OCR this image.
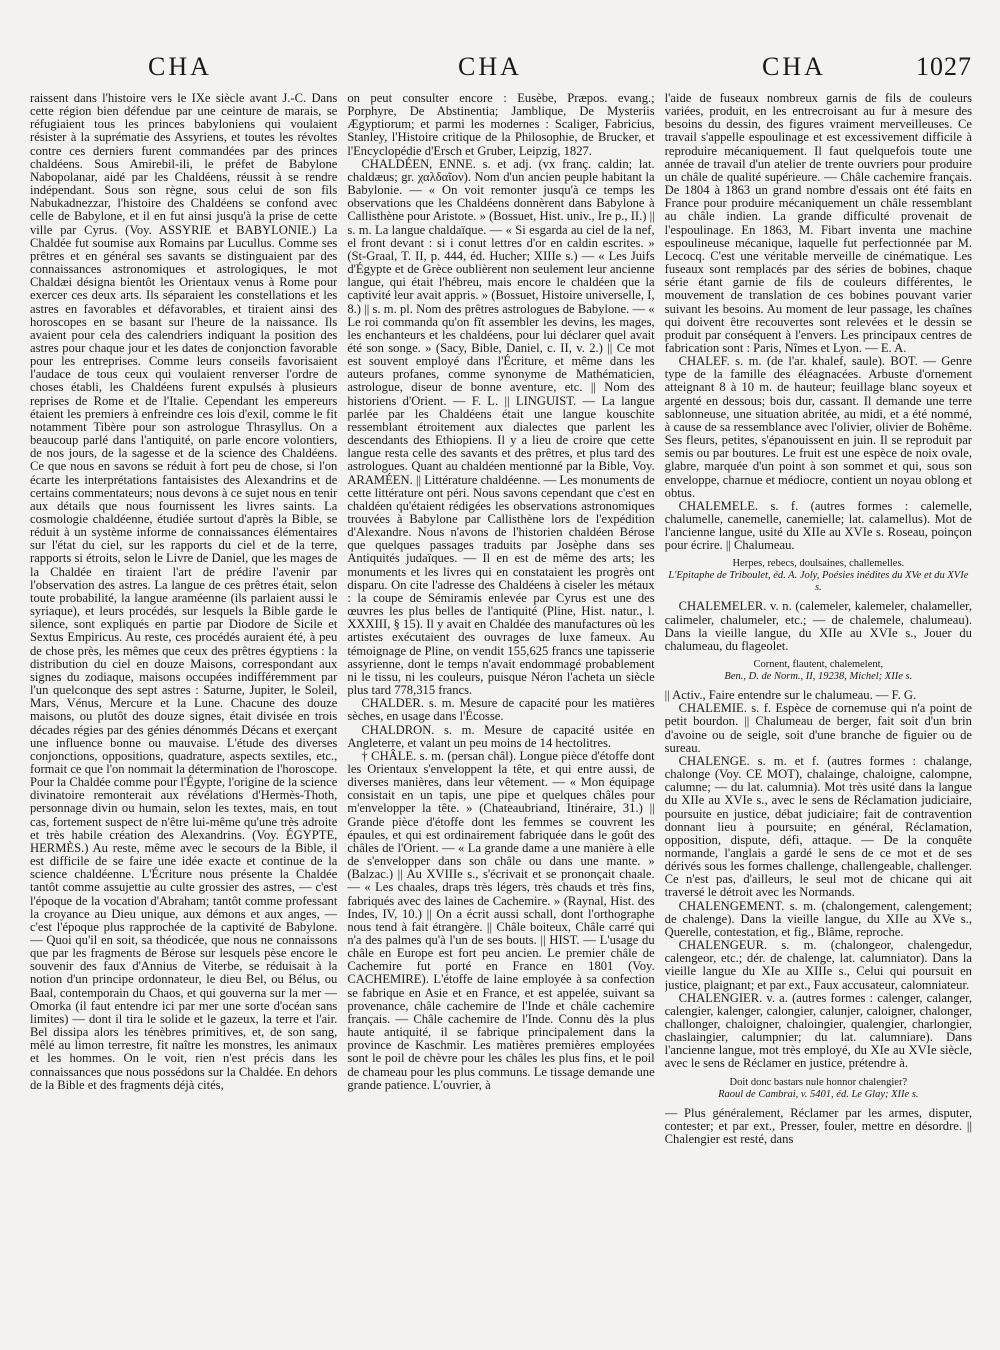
CHA	CHA	CHA	1027

raissent dans l'histoire vers le IXe siècle avant J.-C. Dans cette région bien défendue par une ceinture de marais, se réfugiaient tous les princes babyloniens qui voulaient résister à la suprématie des Assyriens, et toutes les révoltes contre ces derniers furent commandées par des princes chaldéens. Sous Amirebil-ili, le préfet de Babylone Nabopolanar, aidé par les Chaldéens, réussit à se rendre indépendant. Sous son règne, sous celui de son fils Nabukadnezzar, l'histoire des Chaldéens se confond avec celle de Babylone, et il en fut ainsi jusqu'à la prise de cette ville par Cyrus. (Voy. ASSYRIE et BABYLONIE.) La Chaldée fut soumise aux Romains par Lucullus. Comme ses prêtres et en général ses savants se distinguaient par des connaissances astronomiques et astrologiques, le mot Chaldæi désigna bientôt les Orientaux venus à Rome pour exercer ces deux arts. Ils séparaient les constellations et les astres en favorables et défavorables, et tiraient ainsi des horoscopes en se basant sur l'heure de la naissance. Ils avaient pour cela des calendriers indiquant la position des astres pour chaque jour et les dates de conjonction favorable pour les entreprises. Comme leurs conseils favorisaient l'audace de tous ceux qui voulaient renverser l'ordre de choses établi, les Chaldéens furent expulsés à plusieurs reprises de Rome et de l'Italie. Cependant les empereurs étaient les premiers à enfreindre ces lois d'exil, comme le fit notamment Tibère pour son astrologue Thrasyllus. On a beaucoup parlé dans l'antiquité, on parle encore volontiers, de nos jours, de la sagesse et de la science des Chaldéens. Ce que nous en savons se réduit à fort peu de chose, si l'on écarte les interprétations fantaisistes des Alexandrins et de certains commentateurs; nous devons à ce sujet nous en tenir aux détails que nous fournissent les livres saints. La cosmologie chaldéenne, étudiée surtout d'après la Bible, se réduit à un système informe de connaissances élémentaires sur l'état du ciel, sur les rapports du ciel et de la terre, rapports si étroits, selon le Livre de Daniel, que les mages de la Chaldée en tiraient l'art de prédire l'avenir par l'observation des astres. La langue de ces prêtres était, selon toute probabilité, la langue araméenne (ils parlaient aussi le syriaque), et leurs procédés, sur lesquels la Bible garde le silence, sont expliqués en partie par Diodore de Sicile et Sextus Empiricus. Au reste, ces procédés auraient été, à peu de chose près, les mêmes que ceux des prêtres égyptiens : la distribution du ciel en douze Maisons, correspondant aux signes du zodiaque, maisons occupées indifféremment par l'un quelconque des sept astres : Saturne, Jupiter, le Soleil, Mars, Vénus, Mercure et la Lune. Chacune des douze maisons, ou plutôt des douze signes, était divisée en trois décades régies par des génies dénommés Décans et exerçant une influence bonne ou mauvaise. L'étude des diverses conjonctions, oppositions, quadrature, aspects sextiles, etc., formait ce que l'on nommait la détermination de l'horoscope. Pour la Chaldée comme pour l'Égypte, l'origine de la science divinatoire remonterait aux révélations d'Hermès-Thoth, personnage divin ou humain, selon les textes, mais, en tout cas, fortement suspect de n'être lui-même qu'une très adroite et très habile création des Alexandrins. (Voy. ÉGYPTE, HERMÈS.) Au reste, même avec le secours de la Bible, il est difficile de se faire une idée exacte et continue de la science chaldéenne. L'Écriture nous présente la Chaldée tantôt comme assujettie au culte grossier des astres, — c'est l'époque de la vocation d'Abraham; tantôt comme professant la croyance au Dieu unique, aux démons et aux anges, — c'est l'époque plus rapprochée de la captivité de Babylone. — Quoi qu'il en soit, sa théodicée, que nous ne connaissons que par les fragments de Bérose sur lesquels pèse encore le souvenir des faux d'Annius de Viterbe, se réduisait à la notion d'un principe ordonnateur, le dieu Bel, ou Bélus, ou Baal, contemporain du Chaos, et qui gouverna sur la mer — Omorka (il faut entendre ici par mer une sorte d'océan sans limites) — dont il tira le solide et le gazeux, la terre et l'air. Bel dissipa alors les ténèbres primitives, et, de son sang, mêlé au limon terrestre, fit naître les monstres, les animaux et les hommes. On le voit, rien n'est précis dans les connaissances que nous possédons sur la Chaldée. En dehors de la Bible et des fragments déjà cités,

on peut consulter encore : Eusèbe, Præpos. evang.; Porphyre, De Abstinentia; Jamblique, De Mysteriis Ægyptiorum; et parmi les modernes : Scaliger, Fabricius, Stanley, l'Histoire critique de la Philosophie, de Brucker, et l'Encyclopédie d'Ersch et Gruber, Leipzig, 1827.

CHALDÉEN, ENNE. s. et adj. (vx franç. caldin; lat. chaldæus; gr. χαλδαῖον). Nom d'un ancien peuple habitant la Babylonie. — « On voit remonter jusqu'à ce temps les observations que les Chaldéens donnèrent dans Babylone à Callisthène pour Aristote. » (Bossuet, Hist. univ., Ire p., II.) || s. m. La langue chaldaïque. — « Si esgarda au ciel de la nef, el front devant : si i conut lettres d'or en caldin escrites. » (St-Graal, T. II, p. 444, éd. Hucher; XIIIe s.) — « Les Juifs d'Égypte et de Grèce oublièrent non seulement leur ancienne langue, qui était l'hébreu, mais encore le chaldéen que la captivité leur avait appris. » (Bossuet, Histoire universelle, I, 8.) || s. m. pl. Nom des prêtres astrologues de Babylone. — « Le roi commanda qu'on fît assembler les devins, les mages, les enchanteurs et les chaldéens, pour lui déclarer quel avait été son songe. » (Sacy, Bible, Daniel, c. II, v. 2.) || Ce mot est souvent employé dans l'Écriture, et même dans les auteurs profanes, comme synonyme de Mathématicien, astrologue, diseur de bonne aventure, etc. || Nom des historiens d'Orient. — F. L. || LINGUIST. — La langue parlée par les Chaldéens était une langue kouschite ressemblant étroitement aux dialectes que parlent les descendants des Ethiopiens. Il y a lieu de croire que cette langue resta celle des savants et des prêtres, et plus tard des astrologues. Quant au chaldéen mentionné par la Bible, Voy. ARAMÉEN. || Littérature chaldéenne. — Les monuments de cette littérature ont péri. Nous savons cependant que c'est en chaldéen qu'étaient rédigées les observations astronomiques trouvées à Babylone par Callisthène lors de l'expédition d'Alexandre. Nous n'avons de l'historien chaldéen Bérose que quelques passages traduits par Josèphe dans ses Antiquités judaïques. — Il en est de même des arts; les monuments et les livres qui en constataient les progrès ont disparu. On cite l'adresse des Chaldéens à ciseler les métaux : la coupe de Sémiramis enlevée par Cyrus est une des œuvres les plus belles de l'antiquité (Pline, Hist. natur., l. XXXIII, § 15). Il y avait en Chaldée des manufactures où les artistes exécutaient des ouvrages de luxe fameux. Au témoignage de Pline, on vendit 155,625 francs une tapisserie assyrienne, dont le temps n'avait endommagé probablement ni le tissu, ni les couleurs, puisque Néron l'acheta un siècle plus tard 778,315 francs.

CHALDER. s. m. Mesure de capacité pour les matières sèches, en usage dans l'Écosse.

CHALDRON. s. m. Mesure de capacité usitée en Angleterre, et valant un peu moins de 14 hectolitres.

† CHÂLE. s. m. (persan châl). Longue pièce d'étoffe dont les Orientaux s'enveloppent la tête, et qui entre aussi, de diverses manières, dans leur vêtement. — « Mon équipage consistait en un tapis, une pipe et quelques châles pour m'envelopper la tête. » (Chateaubriand, Itinéraire, 31.) || Grande pièce d'étoffe dont les femmes se couvrent les épaules, et qui est ordinairement fabriquée dans le goût des châles de l'Orient. — « La grande dame a une manière à elle de s'envelopper dans son châle ou dans une mante. » (Balzac.) || Au XVIIIe s., s'écrivait et se prononçait chaale. — « Les chaales, draps très légers, très chauds et très fins, fabriqués avec des laines de Cachemire. » (Raynal, Hist. des Indes, IV, 10.) || On a écrit aussi schall, dont l'orthographe nous tend à fait étrangère. || Châle boiteux, Châle carré qui n'a des palmes qu'à l'un de ses bouts. || HIST. — L'usage du châle en Europe est fort peu ancien. Le premier châle de Cachemire fut porté en France en 1801 (Voy. CACHEMIRE). L'étoffe de laine employée à sa confection se fabrique en Asie et en France, et est appelée, suivant sa provenance, châle cachemire de l'Inde et châle cachemire français. — Châle cachemire de l'Inde. Connu dès la plus haute antiquité, il se fabrique principalement dans la province de Kaschmir. Les matières premières employées sont le poil de chèvre pour les châles les plus fins, et le poil de chameau pour les plus communs. Le tissage demande une grande patience. L'ouvrier, à

l'aide de fuseaux nombreux garnis de fils de couleurs variées, produit, en les entrecroisant au fur à mesure des besoins du dessin, des figures vraiment merveilleuses. Ce travail s'appelle espoulinage et est excessivement difficile à reproduire mécaniquement. Il faut quelquefois toute une année de travail d'un atelier de trente ouvriers pour produire un châle de qualité supérieure. — Châle cachemire français. De 1804 à 1863 un grand nombre d'essais ont été faits en France pour produire mécaniquement un châle ressemblant au châle indien. La grande difficulté provenait de l'espoulinage. En 1863, M. Fibart inventa une machine espoulineuse mécanique, laquelle fut perfectionnée par M. Lecocq. C'est une véritable merveille de cinématique. Les fuseaux sont remplacés par des séries de bobines, chaque série étant garnie de fils de couleurs différentes, le mouvement de translation de ces bobines pouvant varier suivant les besoins. Au moment de leur passage, les chaînes qui doivent être recouvertes sont relevées et le dessin se produit par conséquent à l'envers. Les principaux centres de fabrication sont : Paris, Nîmes et Lyon. — E. A.

CHALEF. s. m. (de l'ar. khalef, saule). BOT. — Genre type de la famille des éléagnacées. Arbuste d'ornement atteignant 8 à 10 m. de hauteur; feuillage blanc soyeux et argenté en dessous; bois dur, cassant. Il demande une terre sablonneuse, une situation abritée, au midi, et a été nommé, à cause de sa ressemblance avec l'olivier, olivier de Bohême. Ses fleurs, petites, s'épanouissent en juin. Il se reproduit par semis ou par boutures. Le fruit est une espèce de noix ovale, glabre, marquée d'un point à son sommet et qui, sous son enveloppe, charnue et médiocre, contient un noyau oblong et obtus.

CHALEMELE. s. f. (autres formes : calemelle, chalumelle, canemelle, canemielle; lat. calamellus). Mot de l'ancienne langue, usité du XIIe au XVIe s. Roseau, poinçon pour écrire. || Chalumeau.

Herpes, rebecs, doulsaines, challemelles.
L'Epitaphe de Triboulet, éd. A. Joly, Poésies inédites du XVe et du XVIe s.

CHALEMELER. v. n. (calemeler, kalemeler, chalameller, calimeler, chalumeler, etc.; — de chalemele, chalumeau). Dans la vieille langue, du XIIe au XVIe s., Jouer du chalumeau, du flageolet.

Cornent, flautent, chalemelent,
Ben., D. de Norm., II, 19238, Michel; XIIe s.

|| Activ., Faire entendre sur le chalumeau. — F. G.

CHALEMIE. s. f. Espèce de cornemuse qui n'a point de petit bourdon. || Chalumeau de berger, fait soit d'un brin d'avoine ou de seigle, soit d'une branche de figuier ou de sureau.

CHALENGE. s. m. et f. (autres formes : chalange, chalonge (Voy. CE MOT), chalainge, chaloigne, calompne, calumne; — du lat. calumnia). Mot très usité dans la langue du XIIe au XVIe s., avec le sens de Réclamation judiciaire, poursuite en justice, débat judiciaire; fait de contravention donnant lieu à poursuite; en général, Réclamation, opposition, dispute, défi, attaque. — De la conquête normande, l'anglais a gardé le sens de ce mot et de ses dérivés sous les formes challenge, challengeable, challenger. Ce n'est pas, d'ailleurs, le seul mot de chicane qui ait traversé le détroit avec les Normands.

CHALENGEMENT. s. m. (chalongement, calengement; de chalenge). Dans la vieille langue, du XIIe au XVe s., Querelle, contestation, et fig., Blâme, reproche.

CHALENGEUR. s. m. (chalongeor, chalengedur, calengeor, etc.; dér. de chalenge, lat. calumniator). Dans la vieille langue du XIe au XIIIe s., Celui qui poursuit en justice, plaignant; et par ext., Faux accusateur, calomniateur.

CHALENGIER. v. a. (autres formes : calenger, calanger, calengier, kalenger, calongier, calunjer, caloigner, chalonger, challonger, chaloigner, chaloingier, qualengier, charlongier, chaslaingier, calumpnier; du lat. calumniare). Dans l'ancienne langue, mot très employé, du XIe au XVIe siècle, avec le sens de Réclamer en justice, prétendre à.

Doit donc bastars nule honnor chalengier?
Raoul de Cambrai, v. 5401, éd. Le Glay; XIIe s.

— Plus généralement, Réclamer par les armes, disputer, contester; et par ext., Presser, fouler, mettre en désordre. || Chalengier est resté, dans
